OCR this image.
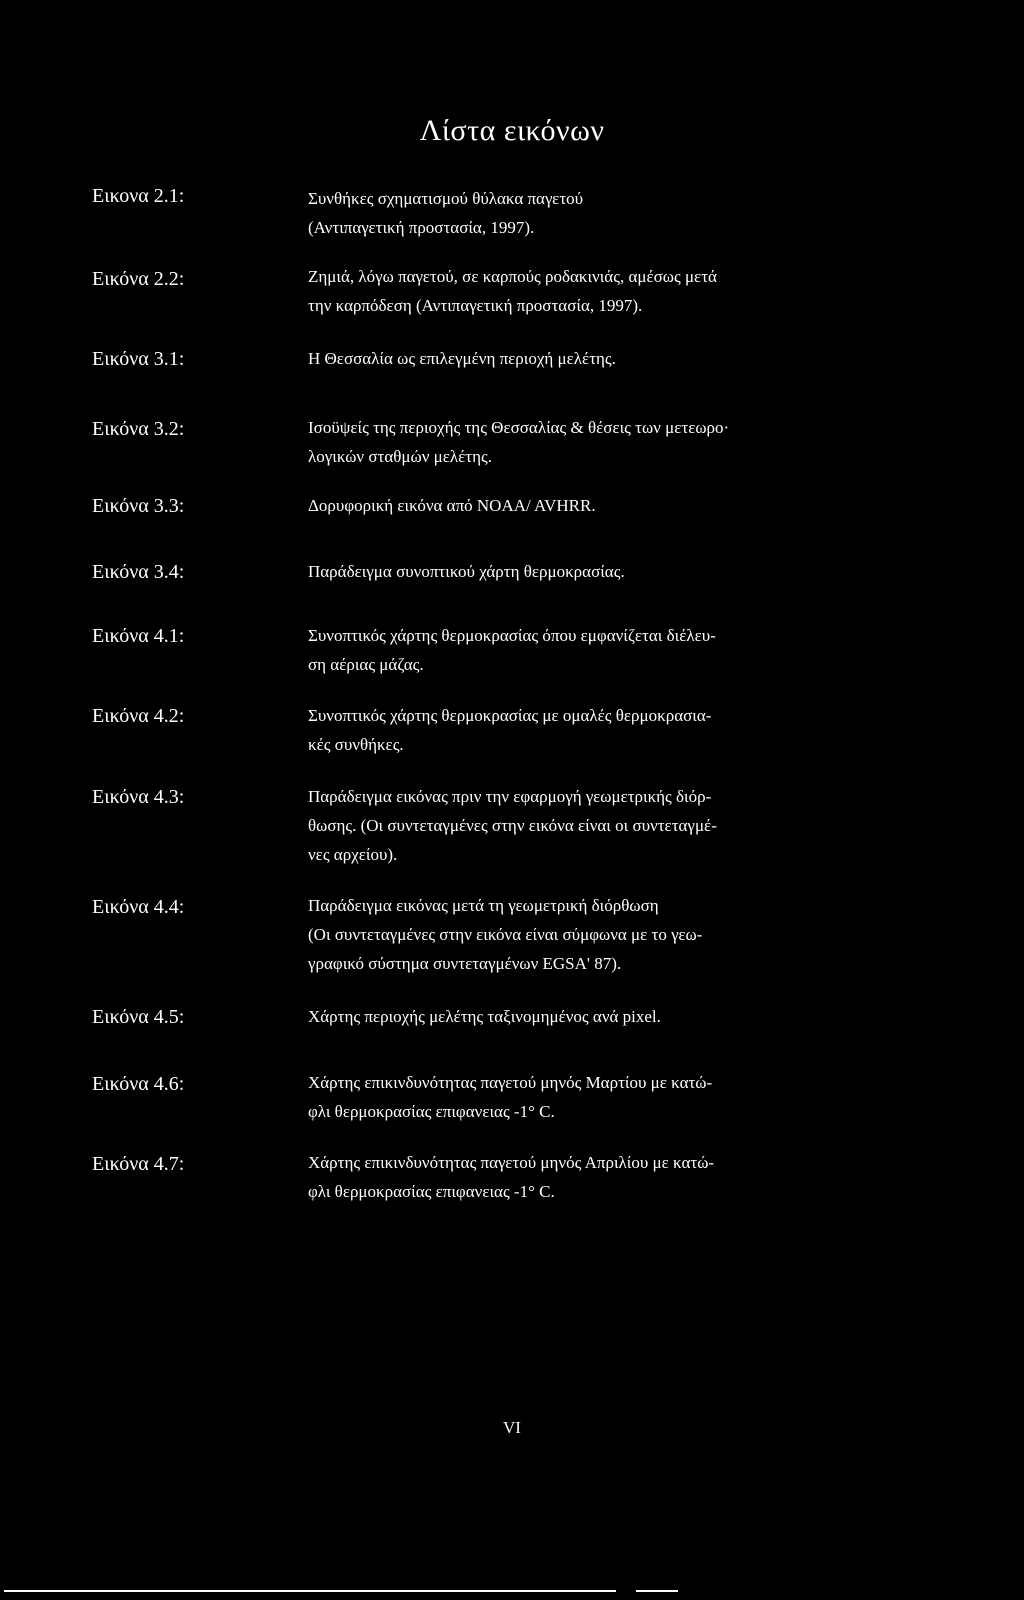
Λίστα εικόνων
Εικονα 2.1:	Συνθήκες σχηματισμού θύλακα παγετού
(Αντιπαγετική προστασία, 1997).
Εικόνα 2.2:	Ζημιά, λόγω παγετού, σε καρπούς ροδακινιάς, αμέσως μετά
την καρπόδεση (Αντιπαγετική προστασία, 1997).
Εικόνα 3.1:	Η Θεσσαλία ως επιλεγμένη περιοχή μελέτης.
Εικόνα 3.2:	Ισοϋψείς της περιοχής της Θεσσαλίας & θέσεις των μετεωρο·
λογικών σταθμών μελέτης.
Εικόνα 3.3:	Δορυφορική εικόνα από NOAA/ AVHRR.
Εικόνα 3.4:	Παράδειγμα συνοπτικού χάρτη θερμοκρασίας.
Εικόνα 4.1:	Συνοπτικός χάρτης θερμοκρασίας όπου εμφανίζεται διέλευ-
ση αέριας μάζας.
Εικόνα 4.2:	Συνοπτικός χάρτης θερμοκρασίας με ομαλές θερμοκρασια-
κές συνθήκες.
Εικόνα 4.3:	Παράδειγμα εικόνας πριν την εφαρμογή γεωμετρικής διόρ-
θωσης. (Οι συντεταγμένες στην εικόνα είναι οι συντεταγμέ-
νες αρχείου).
Εικόνα 4.4:	Παράδειγμα εικόνας μετά τη γεωμετρική διόρθωση
(Οι συντεταγμένες στην εικόνα είναι σύμφωνα με το γεω-
γραφικό σύστημα συντεταγμένων EGSA' 87).
Εικόνα 4.5:	Χάρτης περιοχής μελέτης ταξινομημένος ανά pixel.
Εικόνα 4.6:	Χάρτης επικινδυνότητας παγετού μηνός Μαρτίου με κατώ-
φλι θερμοκρασίας επιφανειας -1° C.
Εικόνα 4.7:	Χάρτης επικινδυνότητας παγετού μηνός Απριλίου με κατώ-
φλι θερμοκρασίας επιφανειας -1° C.
VI
